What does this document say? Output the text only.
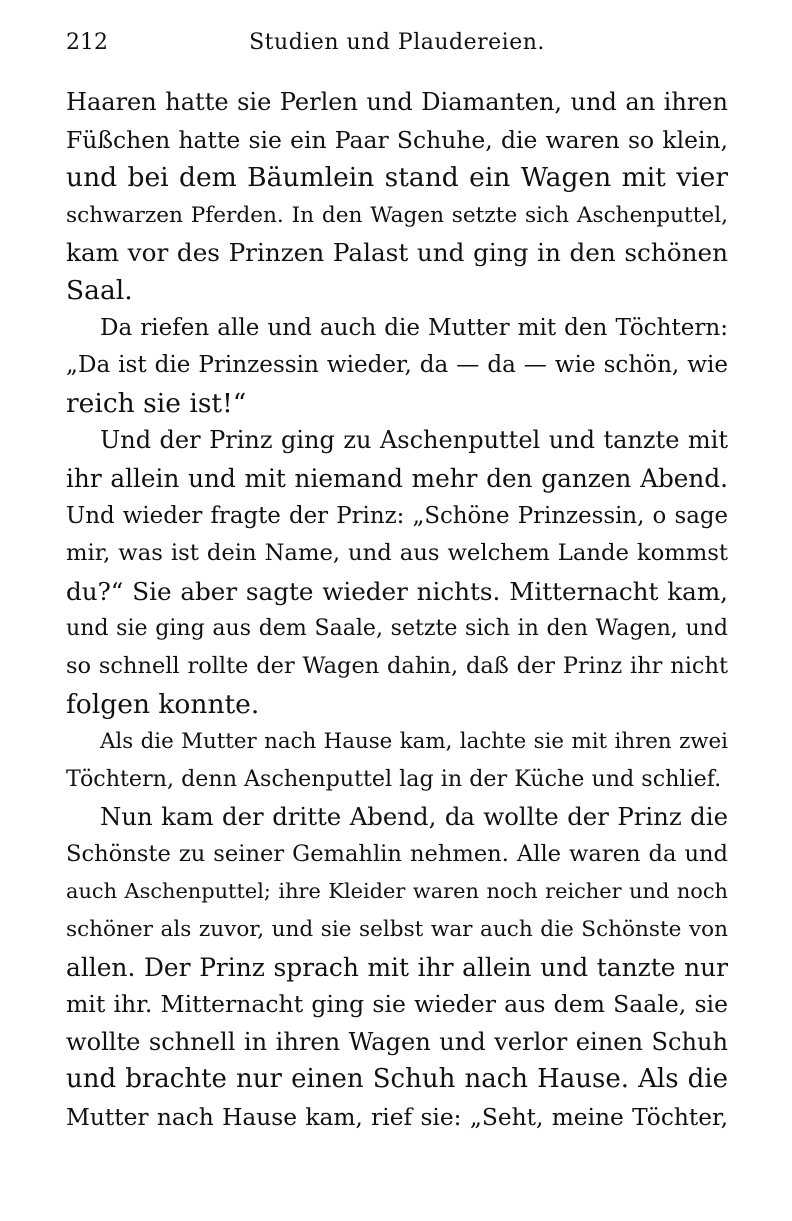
212	Studien und Plaudereien.
Haaren hatte sie Perlen und Diamanten, und an ihren
Füßchen hatte sie ein Paar Schuhe, die waren so klein,
und bei dem Bäumlein stand ein Wagen mit vier
schwarzen Pferden. In den Wagen setzte sich Aschenputtel,
kam vor des Prinzen Palast und ging in den schönen
Saal.
Da riefen alle und auch die Mutter mit den Töchtern:
„Da ist die Prinzessin wieder, da — da — wie schön, wie
reich sie ist!“
Und der Prinz ging zu Aschenputtel und tanzte mit
ihr allein und mit niemand mehr den ganzen Abend.
Und wieder fragte der Prinz: „Schöne Prinzessin, o sage
mir, was ist dein Name, und aus welchem Lande kommst
du?“ Sie aber sagte wieder nichts. Mitternacht kam,
und sie ging aus dem Saale, setzte sich in den Wagen, und
so schnell rollte der Wagen dahin, daß der Prinz ihr nicht
folgen konnte.
Als die Mutter nach Hause kam, lachte sie mit ihren zwei
Töchtern, denn Aschenputtel lag in der Küche und schlief.
Nun kam der dritte Abend, da wollte der Prinz die
Schönste zu seiner Gemahlin nehmen. Alle waren da und
auch Aschenputtel; ihre Kleider waren noch reicher und noch
schöner als zuvor, und sie selbst war auch die Schönste von
allen. Der Prinz sprach mit ihr allein und tanzte nur
mit ihr. Mitternacht ging sie wieder aus dem Saale, sie
wollte schnell in ihren Wagen und verlor einen Schuh
und brachte nur einen Schuh nach Hause. Als die
Mutter nach Hause kam, rief sie: „Seht, meine Töchter,
